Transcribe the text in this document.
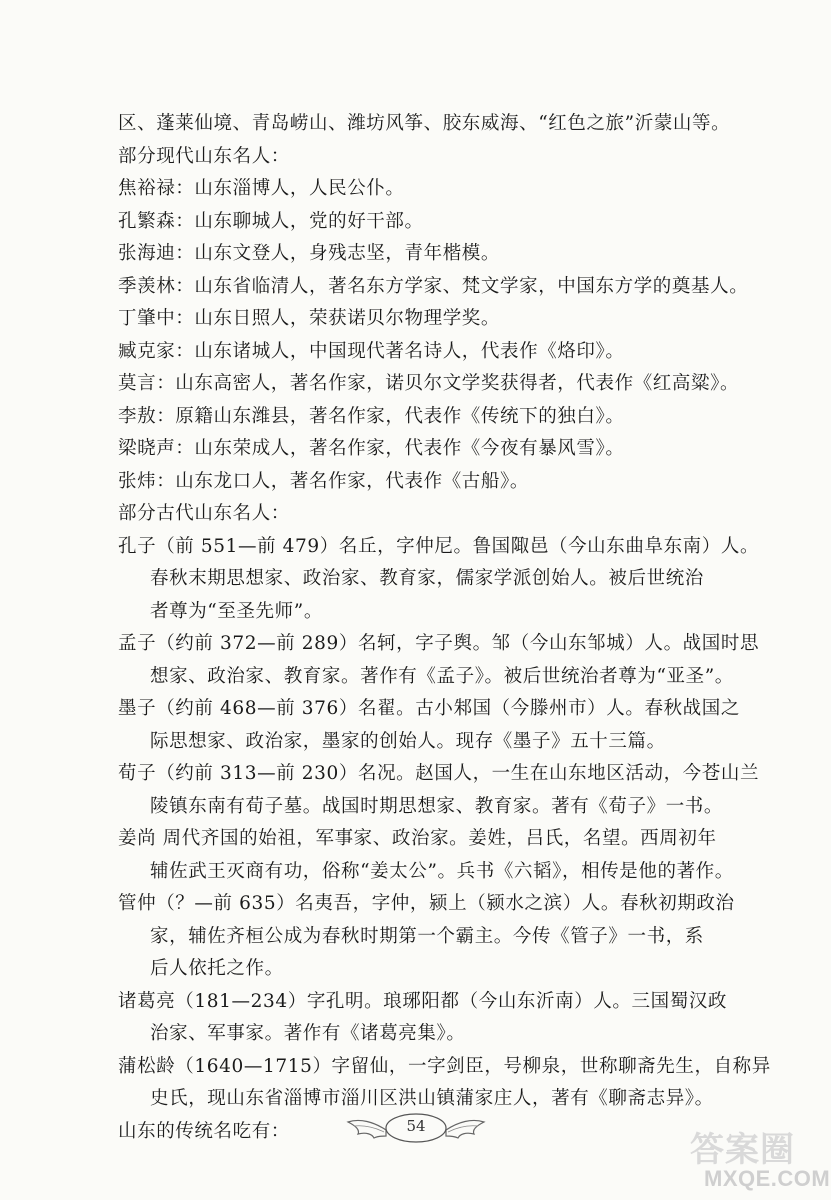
区、蓬莱仙境、青岛崂山、潍坊风筝、胶东威海、“红色之旅”沂蒙山等。
部分现代山东名人：
焦裕禄：山东淄博人，人民公仆。
孔繁森：山东聊城人，党的好干部。
张海迪：山东文登人，身残志坚，青年楷模。
季羡林：山东省临清人，著名东方学家、梵文学家，中国东方学的奠基人。
丁肇中：山东日照人，荣获诺贝尔物理学奖。
臧克家：山东诸城人，中国现代著名诗人，代表作《烙印》。
莫言：山东高密人，著名作家，诺贝尔文学奖获得者，代表作《红高粱》。
李敖：原籍山东潍县，著名作家，代表作《传统下的独白》。
梁晓声：山东荣成人，著名作家，代表作《今夜有暴风雪》。
张炜：山东龙口人，著名作家，代表作《古船》。
部分古代山东名人：
孔子（前 551—前 479）名丘，字仲尼。鲁国陬邑（今山东曲阜东南）人。
春秋末期思想家、政治家、教育家，儒家学派创始人。被后世统治
者尊为“至圣先师”。
孟子（约前 372—前 289）名轲，字子舆。邹（今山东邹城）人。战国时思
想家、政治家、教育家。著作有《孟子》。被后世统治者尊为“亚圣”。
墨子（约前 468—前 376）名翟。古小邾国（今滕州市）人。春秋战国之
际思想家、政治家，墨家的创始人。现存《墨子》五十三篇。
荀子（约前 313—前 230）名况。赵国人，一生在山东地区活动，今苍山兰
陵镇东南有荀子墓。战国时期思想家、教育家。著有《荀子》一书。
姜尚 周代齐国的始祖，军事家、政治家。姜姓，吕氏，名望。西周初年
辅佐武王灭商有功，俗称“姜太公”。兵书《六韬》，相传是他的著作。
管仲（？—前 635）名夷吾，字仲，颍上（颍水之滨）人。春秋初期政治
家，辅佐齐桓公成为春秋时期第一个霸主。今传《管子》一书，系
后人依托之作。
诸葛亮（181—234）字孔明。琅琊阳都（今山东沂南）人。三国蜀汉政
治家、军事家。著作有《诸葛亮集》。
蒲松龄（1640—1715）字留仙，一字剑臣，号柳泉，世称聊斋先生，自称异
史氏，现山东省淄博市淄川区洪山镇蒲家庄人，著有《聊斋志异》。
山东的传统名吃有：	54
答案圈
MXQE.COM
